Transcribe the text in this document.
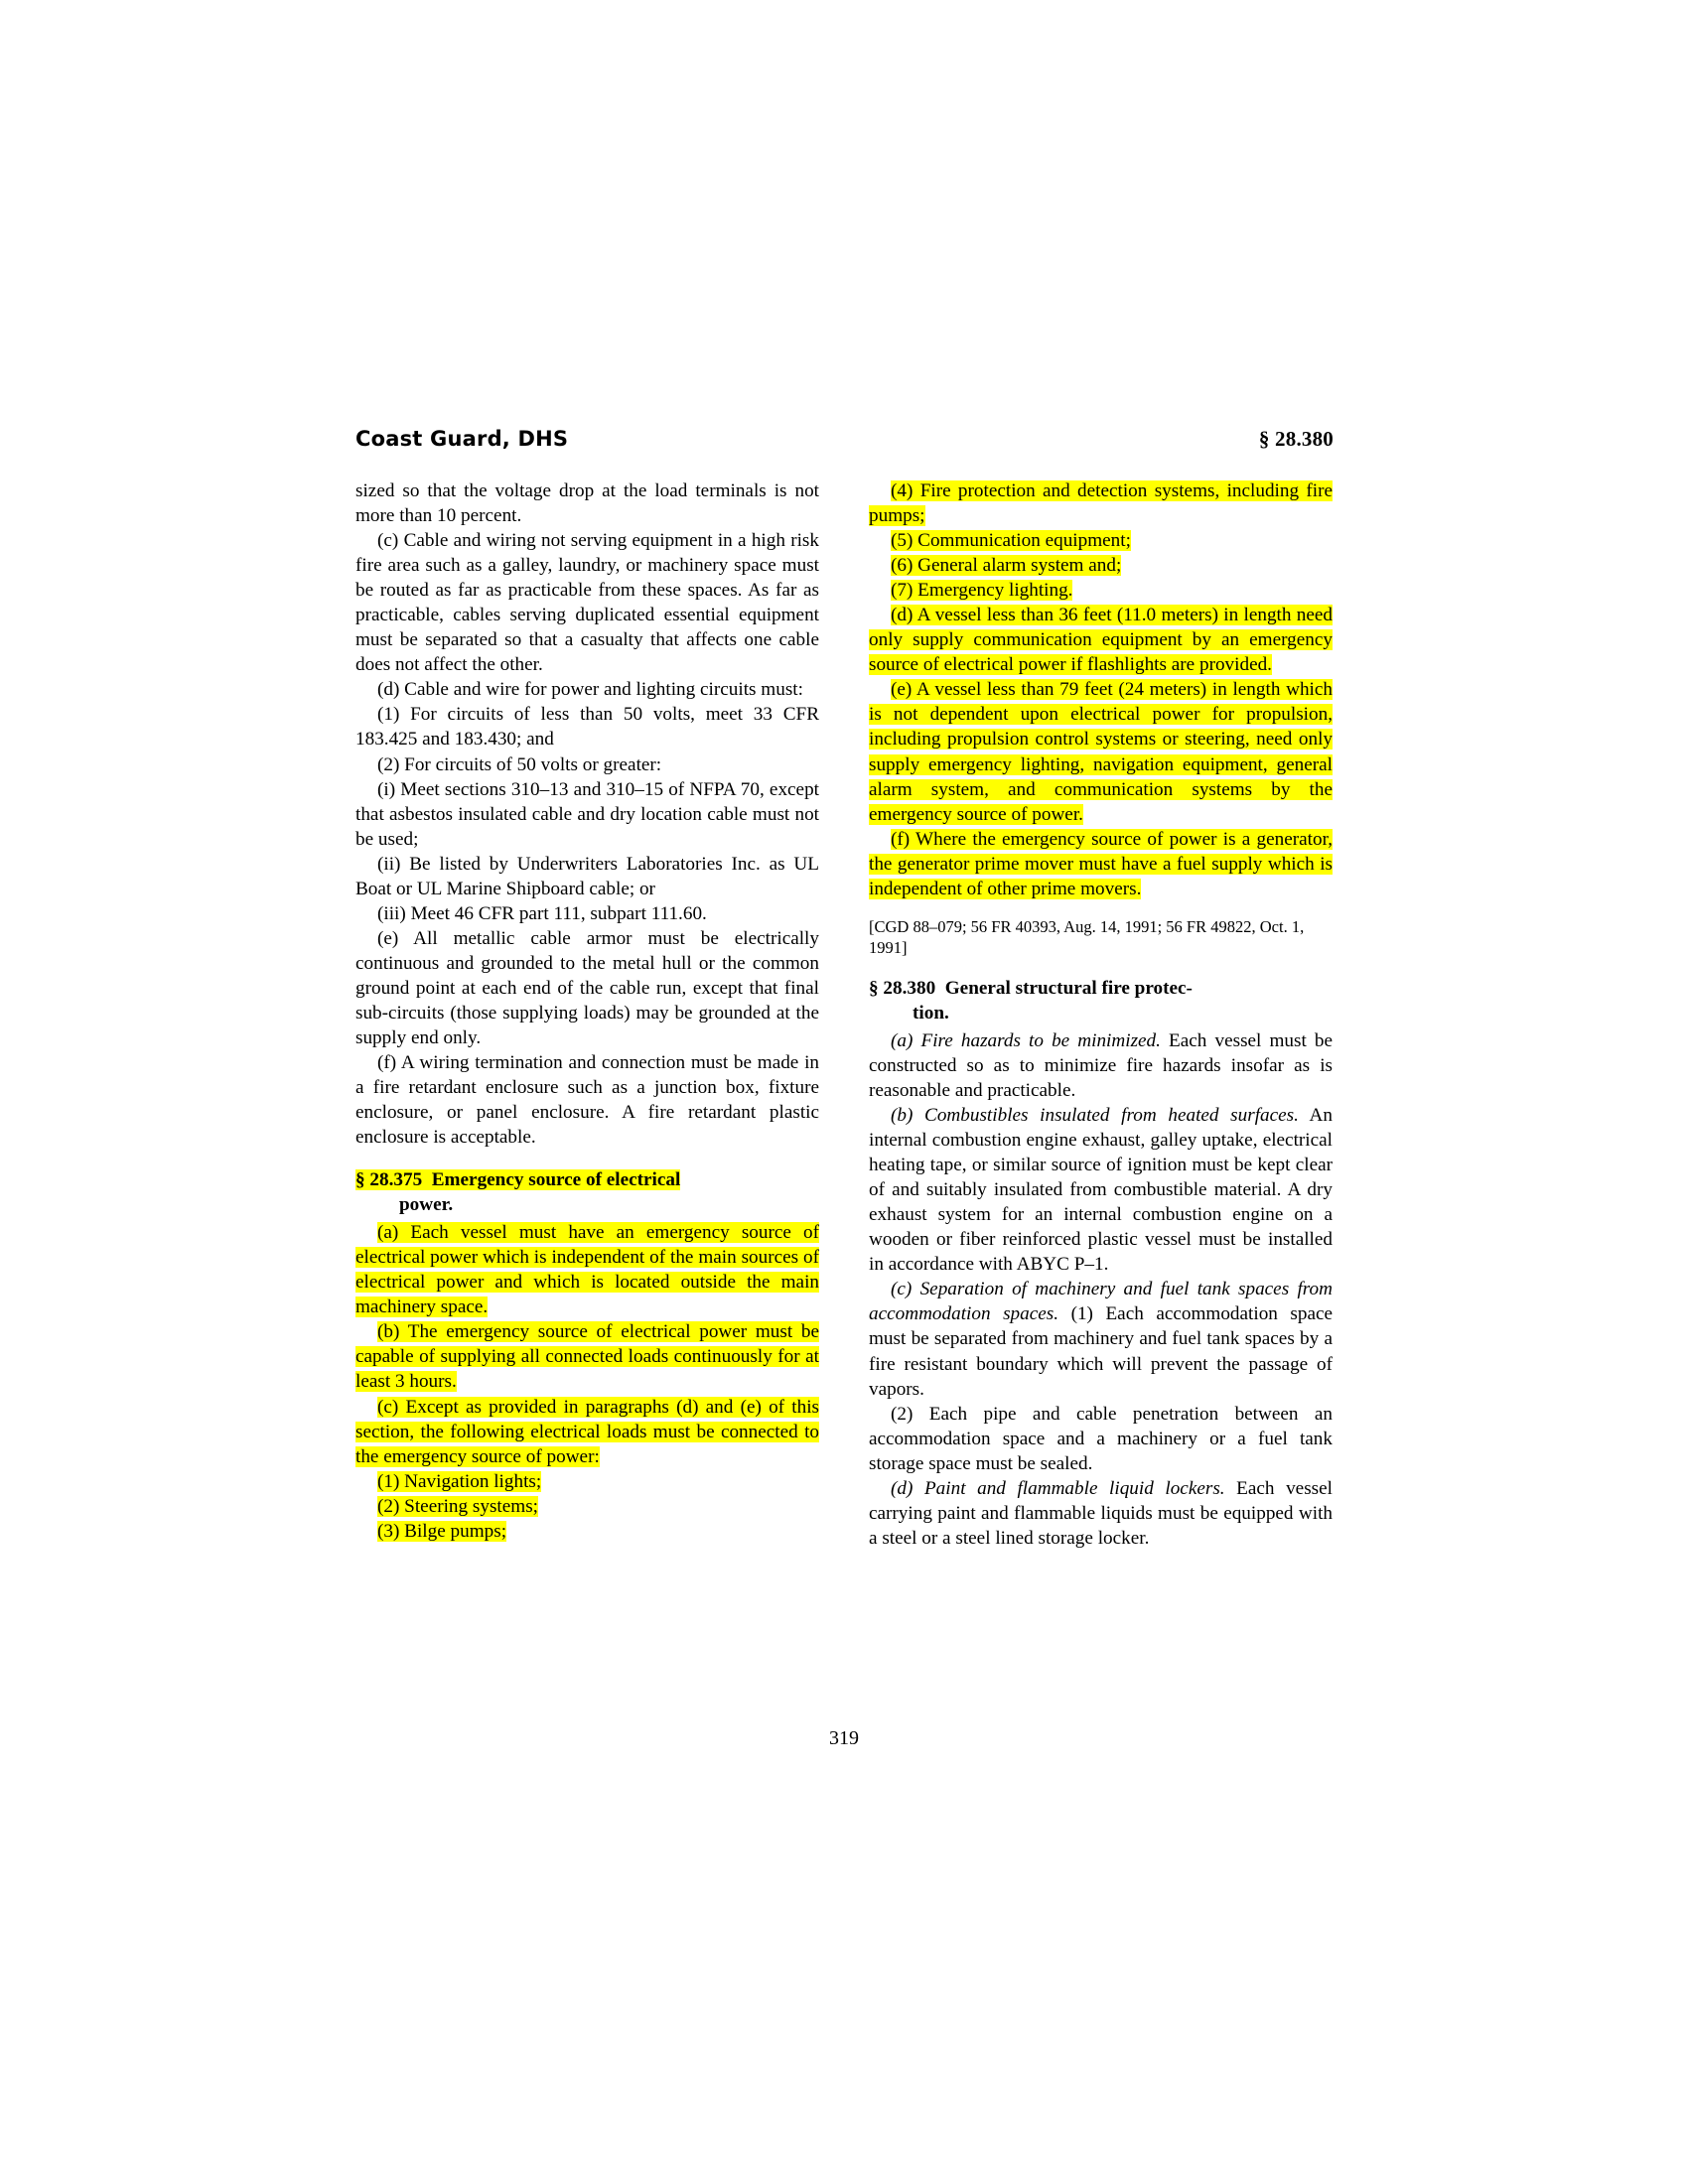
Coast Guard, DHS	§ 28.380

sized so that the voltage drop at the load terminals is not more than 10 percent.

(c) Cable and wiring not serving equipment in a high risk fire area such as a galley, laundry, or machinery space must be routed as far as practicable from these spaces. As far as practicable, cables serving duplicated essential equipment must be separated so that a casualty that affects one cable does not affect the other.

(d) Cable and wire for power and lighting circuits must:

(1) For circuits of less than 50 volts, meet 33 CFR 183.425 and 183.430; and

(2) For circuits of 50 volts or greater:

(i) Meet sections 310–13 and 310–15 of NFPA 70, except that asbestos insulated cable and dry location cable must not be used;

(ii) Be listed by Underwriters Laboratories Inc. as UL Boat or UL Marine Shipboard cable; or

(iii) Meet 46 CFR part 111, subpart 111.60.

(e) All metallic cable armor must be electrically continuous and grounded to the metal hull or the common ground point at each end of the cable run, except that final sub-circuits (those supplying loads) may be grounded at the supply end only.

(f) A wiring termination and connection must be made in a fire retardant enclosure such as a junction box, fixture enclosure, or panel enclosure. A fire retardant plastic enclosure is acceptable.

§ 28.375 Emergency source of electrical
power.

(a) Each vessel must have an emergency source of electrical power which is independent of the main sources of electrical power and which is located outside the main machinery space.

(b) The emergency source of electrical power must be capable of supplying all connected loads continuously for at least 3 hours.

(c) Except as provided in paragraphs (d) and (e) of this section, the following electrical loads must be connected to the emergency source of power:

(1) Navigation lights;

(2) Steering systems;

(3) Bilge pumps;

(4) Fire protection and detection systems, including fire pumps;

(5) Communication equipment;

(6) General alarm system and;

(7) Emergency lighting.

(d) A vessel less than 36 feet (11.0 meters) in length need only supply communication equipment by an emergency source of electrical power if flashlights are provided.

(e) A vessel less than 79 feet (24 meters) in length which is not dependent upon electrical power for propulsion, including propulsion control systems or steering, need only supply emergency lighting, navigation equipment, general alarm system, and communication systems by the emergency source of power.

(f) Where the emergency source of power is a generator, the generator prime mover must have a fuel supply which is independent of other prime movers.

[CGD 88–079; 56 FR 40393, Aug. 14, 1991; 56 FR 49822, Oct. 1, 1991]

§ 28.380 General structural fire protec-
tion.

(a) Fire hazards to be minimized. Each vessel must be constructed so as to minimize fire hazards insofar as is reasonable and practicable.

(b) Combustibles insulated from heated surfaces. An internal combustion engine exhaust, galley uptake, electrical heating tape, or similar source of ignition must be kept clear of and suitably insulated from combustible material. A dry exhaust system for an internal combustion engine on a wooden or fiber reinforced plastic vessel must be installed in accordance with ABYC P–1.

(c) Separation of machinery and fuel tank spaces from accommodation spaces. (1) Each accommodation space must be separated from machinery and fuel tank spaces by a fire resistant boundary which will prevent the passage of vapors.

(2) Each pipe and cable penetration between an accommodation space and a machinery or a fuel tank storage space must be sealed.

(d) Paint and flammable liquid lockers. Each vessel carrying paint and flammable liquids must be equipped with a steel or a steel lined storage locker.

319
